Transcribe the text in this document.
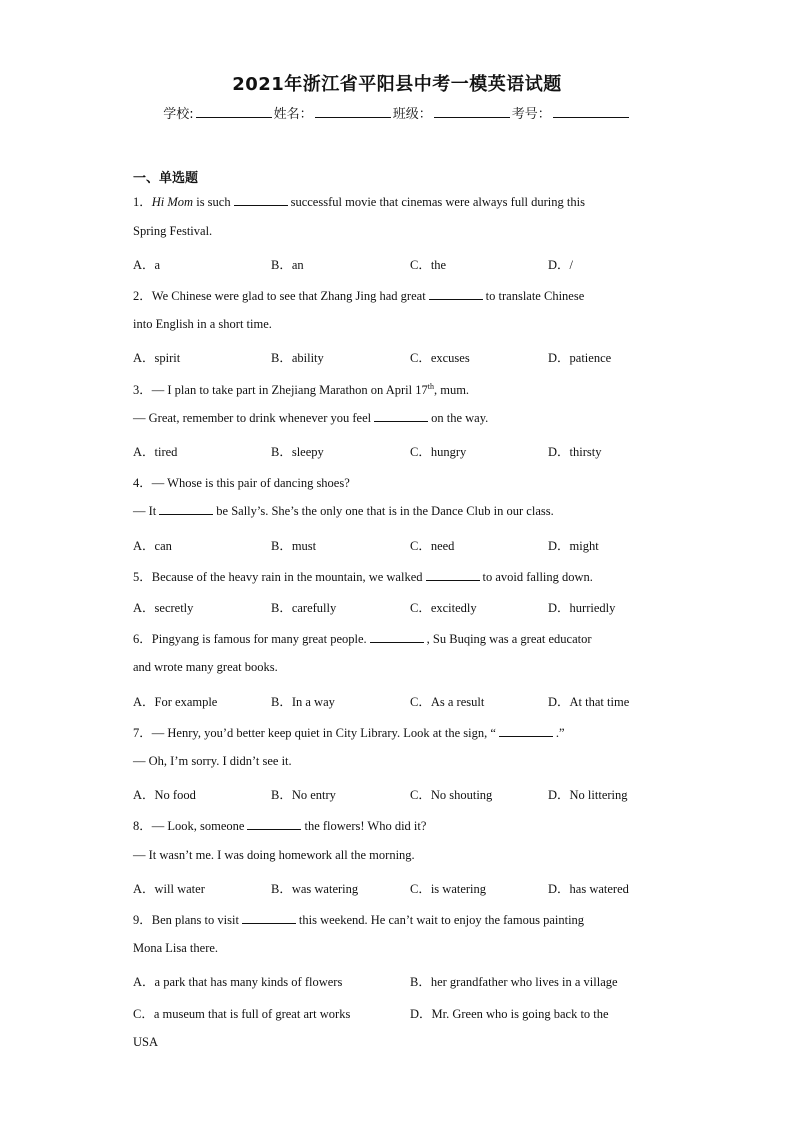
2021年浙江省平阳县中考一模英语试题
学校:	姓名：	班级：	考号：
一、单选题
1．Hi Mom is such	successful movie that cinemas were always full during this
Spring Festival.
A．a	B．an	C．the	D．/
2．We Chinese were glad to see that Zhang Jing had great	to translate Chinese
into English in a short time.
A．spirit	B．ability	C．excuses	D．patience
3．— I plan to take part in Zhejiang Marathon on April 17th, mum.
— Great, remember to drink whenever you feel	on the way.
A．tired	B．sleepy	C．hungry	D．thirsty
4．— Whose is this pair of dancing shoes?
— It	be Sally’s. She’s the only one that is in the Dance Club in our class.
A．can	B．must	C．need	D．might
5．Because of the heavy rain in the mountain, we walked	to avoid falling down.
A．secretly	B．carefully	C．excitedly	D．hurriedly
6．Pingyang is famous for many great people.	, Su Buqing was a great educator
and wrote many great books.
A．For example	B．In a way	C．As a result	D．At that time
7．— Henry, you’d better keep quiet in City Library. Look at the sign, “	.”
— Oh, I’m sorry. I didn’t see it.
A．No food	B．No entry	C．No shouting	D．No littering
8．— Look, someone	the flowers! Who did it?
— It wasn’t me. I was doing homework all the morning.
A．will water	B．was watering	C．is watering	D．has watered
9．Ben plans to visit	this weekend. He can’t wait to enjoy the famous painting
Mona Lisa there.
A．a park that has many kinds of flowers	B．her grandfather who lives in a village
C．a museum that is full of great art works	D．Mr. Green who is going back to the
USA
